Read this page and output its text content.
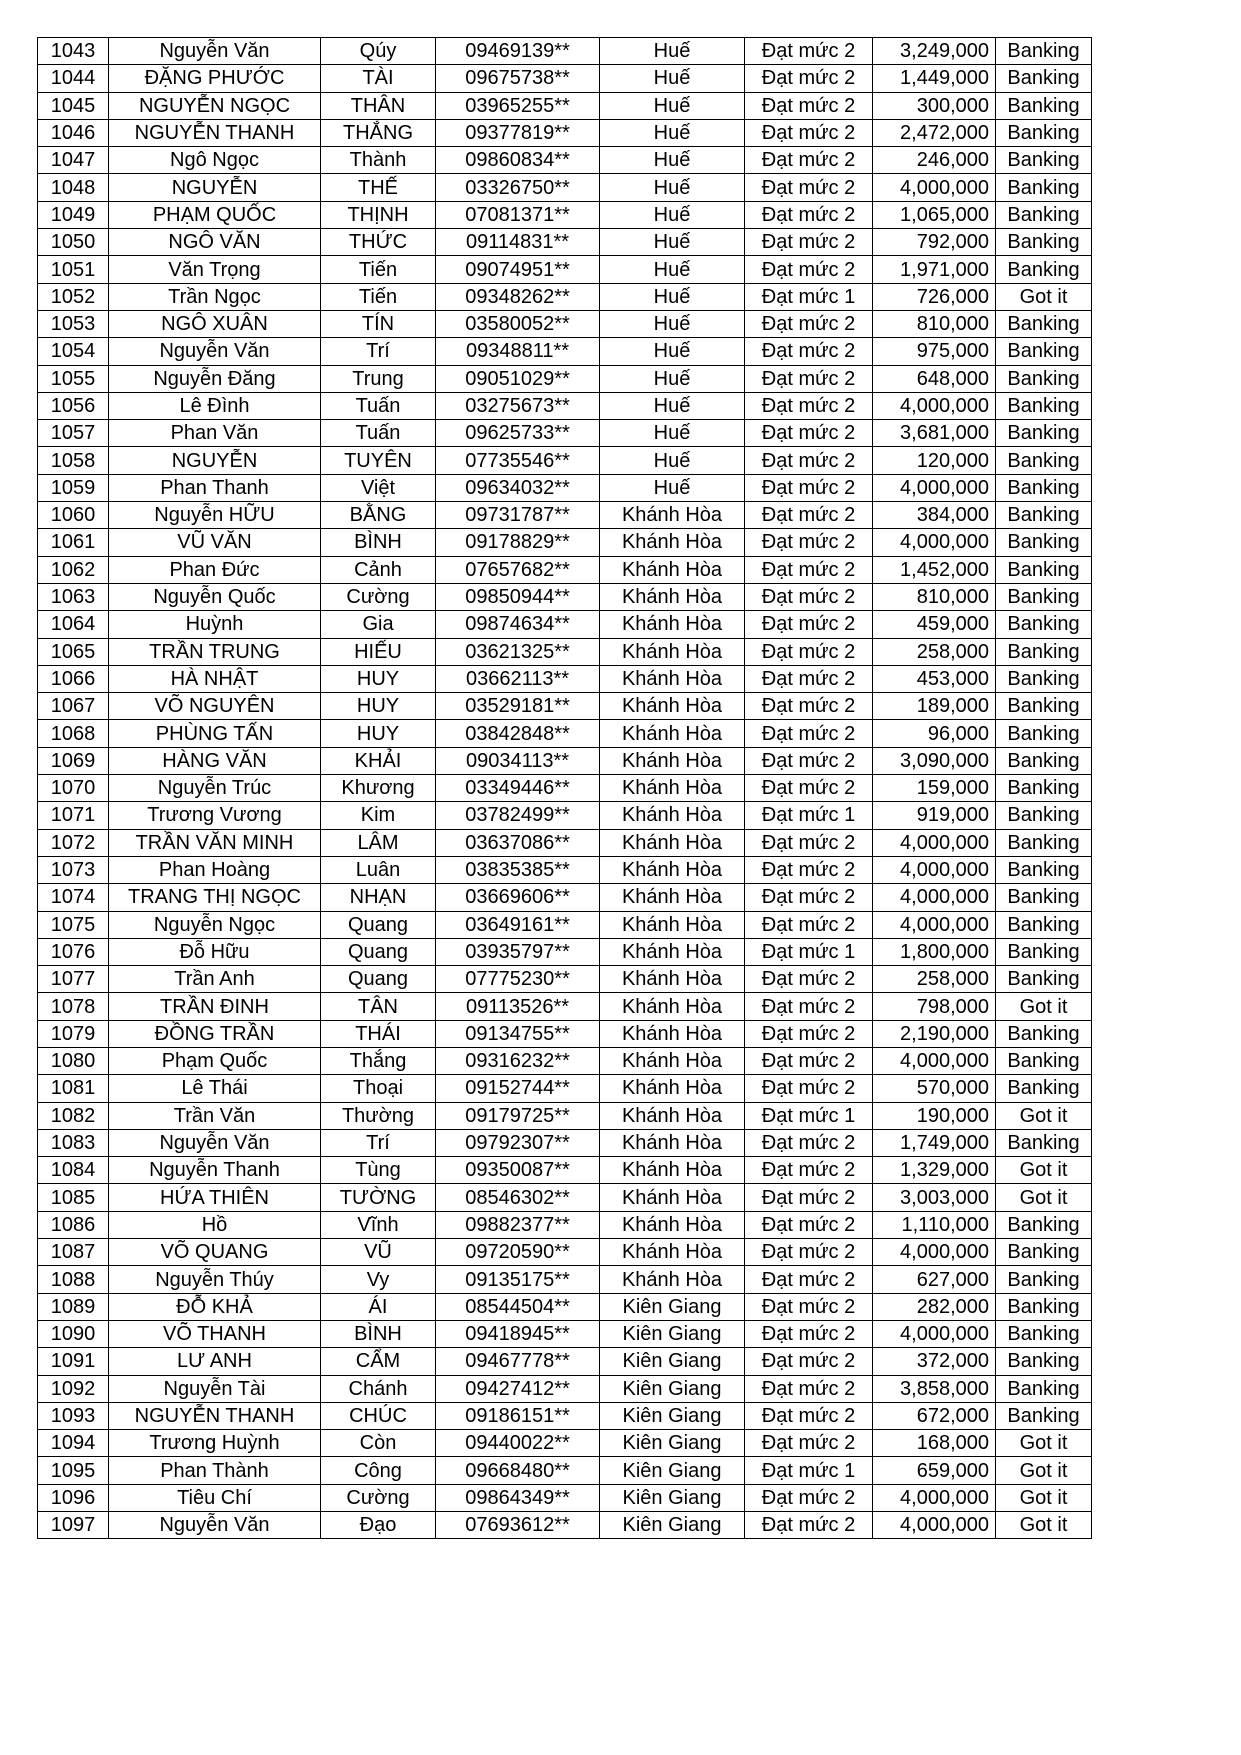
1043	Nguyễn Văn	Qúy	09469139**	Huế	Đạt mức 2	3,249,000	Banking
1044	ĐẶNG PHƯỚC	TÀI	09675738**	Huế	Đạt mức 2	1,449,000	Banking
1045	NGUYỄN NGỌC	THÂN	03965255**	Huế	Đạt mức 2	300,000	Banking
1046	NGUYỄN THANH	THẮNG	09377819**	Huế	Đạt mức 2	2,472,000	Banking
1047	Ngô Ngọc	Thành	09860834**	Huế	Đạt mức 2	246,000	Banking
1048	NGUYỄN	THẾ	03326750**	Huế	Đạt mức 2	4,000,000	Banking
1049	PHẠM QUỐC	THỊNH	07081371**	Huế	Đạt mức 2	1,065,000	Banking
1050	NGÔ VĂN	THỨC	09114831**	Huế	Đạt mức 2	792,000	Banking
1051	Văn Trọng	Tiến	09074951**	Huế	Đạt mức 2	1,971,000	Banking
1052	Trần Ngọc	Tiến	09348262**	Huế	Đạt mức 1	726,000	Got it
1053	NGÔ XUÂN	TÍN	03580052**	Huế	Đạt mức 2	810,000	Banking
1054	Nguyễn Văn	Trí	09348811**	Huế	Đạt mức 2	975,000	Banking
1055	Nguyễn Đăng	Trung	09051029**	Huế	Đạt mức 2	648,000	Banking
1056	Lê Đình	Tuấn	03275673**	Huế	Đạt mức 2	4,000,000	Banking
1057	Phan Văn	Tuấn	09625733**	Huế	Đạt mức 2	3,681,000	Banking
1058	NGUYỄN	TUYÊN	07735546**	Huế	Đạt mức 2	120,000	Banking
1059	Phan Thanh	Việt	09634032**	Huế	Đạt mức 2	4,000,000	Banking
1060	Nguyễn HỮU	BẰNG	09731787**	Khánh Hòa	Đạt mức 2	384,000	Banking
1061	VŨ VĂN	BÌNH	09178829**	Khánh Hòa	Đạt mức 2	4,000,000	Banking
1062	Phan Đức	Cảnh	07657682**	Khánh Hòa	Đạt mức 2	1,452,000	Banking
1063	Nguyễn Quốc	Cường	09850944**	Khánh Hòa	Đạt mức 2	810,000	Banking
1064	Huỳnh	Gia	09874634**	Khánh Hòa	Đạt mức 2	459,000	Banking
1065	TRẦN TRUNG	HIẾU	03621325**	Khánh Hòa	Đạt mức 2	258,000	Banking
1066	HÀ NHẬT	HUY	03662113**	Khánh Hòa	Đạt mức 2	453,000	Banking
1067	VÕ NGUYÊN	HUY	03529181**	Khánh Hòa	Đạt mức 2	189,000	Banking
1068	PHÙNG TẤN	HUY	03842848**	Khánh Hòa	Đạt mức 2	96,000	Banking
1069	HÀNG VĂN	KHẢI	09034113**	Khánh Hòa	Đạt mức 2	3,090,000	Banking
1070	Nguyễn Trúc	Khương	03349446**	Khánh Hòa	Đạt mức 2	159,000	Banking
1071	Trương Vương	Kim	03782499**	Khánh Hòa	Đạt mức 1	919,000	Banking
1072	TRẦN VĂN MINH	LÂM	03637086**	Khánh Hòa	Đạt mức 2	4,000,000	Banking
1073	Phan Hoàng	Luân	03835385**	Khánh Hòa	Đạt mức 2	4,000,000	Banking
1074	TRANG THỊ NGỌC	NHẠN	03669606**	Khánh Hòa	Đạt mức 2	4,000,000	Banking
1075	Nguyễn Ngọc	Quang	03649161**	Khánh Hòa	Đạt mức 2	4,000,000	Banking
1076	Đỗ Hữu	Quang	03935797**	Khánh Hòa	Đạt mức 1	1,800,000	Banking
1077	Trần Anh	Quang	07775230**	Khánh Hòa	Đạt mức 2	258,000	Banking
1078	TRẦN ĐINH	TÂN	09113526**	Khánh Hòa	Đạt mức 2	798,000	Got it
1079	ĐỒNG TRẦN	THÁI	09134755**	Khánh Hòa	Đạt mức 2	2,190,000	Banking
1080	Phạm Quốc	Thắng	09316232**	Khánh Hòa	Đạt mức 2	4,000,000	Banking
1081	Lê Thái	Thoại	09152744**	Khánh Hòa	Đạt mức 2	570,000	Banking
1082	Trần Văn	Thường	09179725**	Khánh Hòa	Đạt mức 1	190,000	Got it
1083	Nguyễn Văn	Trí	09792307**	Khánh Hòa	Đạt mức 2	1,749,000	Banking
1084	Nguyễn Thanh	Tùng	09350087**	Khánh Hòa	Đạt mức 2	1,329,000	Got it
1085	HỨA THIÊN	TƯỜNG	08546302**	Khánh Hòa	Đạt mức 2	3,003,000	Got it
1086	Hồ	Vĩnh	09882377**	Khánh Hòa	Đạt mức 2	1,110,000	Banking
1087	VÕ QUANG	VŨ	09720590**	Khánh Hòa	Đạt mức 2	4,000,000	Banking
1088	Nguyễn Thúy	Vy	09135175**	Khánh Hòa	Đạt mức 2	627,000	Banking
1089	ĐỖ KHẢ	ÁI	08544504**	Kiên Giang	Đạt mức 2	282,000	Banking
1090	VÕ THANH	BÌNH	09418945**	Kiên Giang	Đạt mức 2	4,000,000	Banking
1091	LƯ ANH	CẨM	09467778**	Kiên Giang	Đạt mức 2	372,000	Banking
1092	Nguyễn Tài	Chánh	09427412**	Kiên Giang	Đạt mức 2	3,858,000	Banking
1093	NGUYỄN THANH	CHÚC	09186151**	Kiên Giang	Đạt mức 2	672,000	Banking
1094	Trương Huỳnh	Còn	09440022**	Kiên Giang	Đạt mức 2	168,000	Got it
1095	Phan Thành	Công	09668480**	Kiên Giang	Đạt mức 1	659,000	Got it
1096	Tiêu Chí	Cường	09864349**	Kiên Giang	Đạt mức 2	4,000,000	Got it
1097	Nguyễn Văn	Đạo	07693612**	Kiên Giang	Đạt mức 2	4,000,000	Got it
